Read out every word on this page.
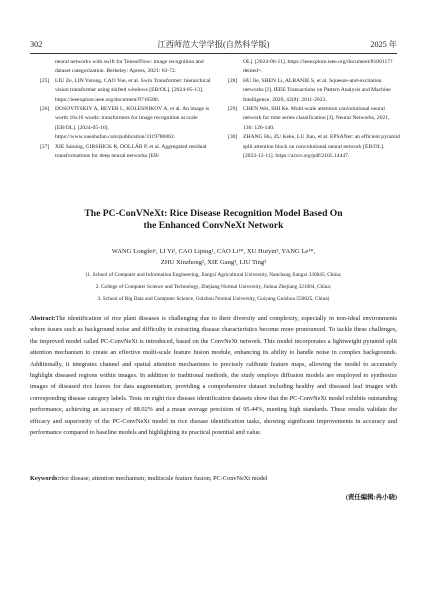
302	江西师范大学学报(自然科学版)	2025 年
neural networks with swift for TensorFlow: image recognition and dataset categorization. Berkeley: Apress, 2021: 63-72.
[25] LIU Ze, LIN Yutong, CAO Yue, et al. Swin Transformer: hierarchical vision transformer using shifted windows [EB/OL]. [2024-05-13]. https://ieeexplore.ieee.org/document/9710580.
[26] DOSOVITSKIY A, BEYER L, KOLESNIKOV A, et al. An image is worth 16x16 words: transformers for image recognition at scale [EB/OL]. [2024-05-16]. https://www.xueshufan.com/publication/3119786062.
[27] XIE Saining, GIRSHICK R, DOLLÁR P, et al. Aggregated residual transformations for deep neural networks [EB/
OL]. [2024-06-11]. https://ieeexplore.ieee.org/document/8100117?denied=.
[28] HU Jie, SHEN Li, ALBANIE S, et al. Squeeze-and-excitation networks [J]. IEEE Transactions on Pattern Analysis and Machine Intelligence, 2020, 42(8): 2011-2023.
[29] CHEN Wei, SHI Ke. Multi-scale attention convolutional neural network for time series classification [J]. Neural Networks, 2021, 136: 126-140.
[30] ZHANG Hu, ZU Keke, LU Jian, et al. EPSANet: an efficient pyramid split attention block on convolutional neural network [EB/OL]. [2023-12-11]. https://arxiv.org/pdf/2105.14447.
The PC-ConVNeXt: Rice Disease Recognition Model Based On
the Enhanced ConvNeXt Network
WANG Longfei¹, LI Yi², CAO Liping¹, CAO Li¹*, XU Huiyin³, YANG Le¹*,
ZHU Xinzhong², XIE Gang³, LIU Ting³
(1. School of Computer and Information Engineering, Jiangxi Agricultural University, Nanchang Jiangxi 330045, China;
2. College of Computer Science and Technology, Zhejiang Normal University, Jinhua Zhejiang 321004, China;
3. School of Big Data and Computer Science, Guizhou Normal University, Guiyang Guizhou 550025, China)
Abstract:The identification of rice plant diseases is challenging due to their diversity and complexity, especially in non-ideal environments where issues such as background noise and difficulty in extracting disease characteristics become more pronounced. To tackle these challenges, the improved model called PC-ConvNeXt is introduced, based on the ConvNeXt network. This model incorporates a lightweight pyramid split attention mechanism to create an effective multi-scale feature fusion module, enhancing its ability to handle noise in complex backgrounds. Additionally, it integrates channel and spatial attention mechanisms to precisely calibrate feature maps, allowing the model to accurately highlight diseased regions within images. In addition to traditional methods, the study employs diffusion models are employed to synthesize images of diseased rice leaves for data augmentation, providing a comprehensive dataset including healthy and diseased leaf images with corresponding disease category labels. Tests on eight rice disease identification datasets show that the PC-ConvNeXt model exhibits outstanding performance, achieving an accuracy of 88.02% and a mean average precision of 95.44%, meeting high standards. These results validate the efficacy and superiority of the PC-ConvNeXt model in rice disease identification tasks, showing significant improvements in accuracy and performance compared to baseline models and highlighting its practical potential and value.
Keywords:rice disease; attention mechanism; multiscale feature fusion; PC-ConvNeXt model
(责任编辑:冉小晓)
